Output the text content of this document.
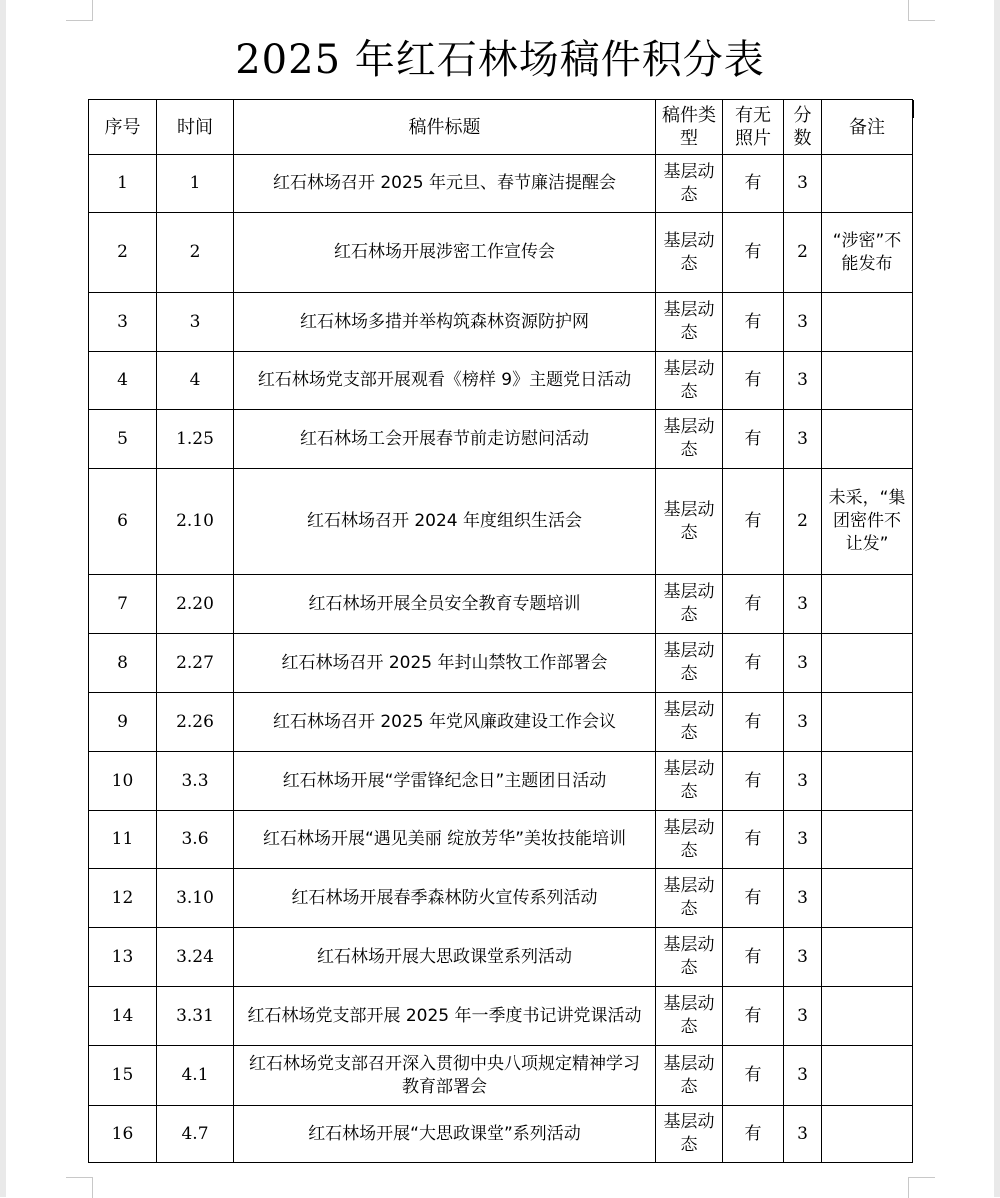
2025 年红石林场稿件积分表
序号	时间	稿件标题	稿件类型	有无照片	分数	备注
1	1	红石林场召开 2025 年元旦、春节廉洁提醒会	基层动态	有	3	
2	2	红石林场开展涉密工作宣传会	基层动态	有	2	“涉密”不能发布
3	3	红石林场多措并举构筑森林资源防护网	基层动态	有	3	
4	4	红石林场党支部开展观看《榜样 9》主题党日活动	基层动态	有	3	
5	1.25	红石林场工会开展春节前走访慰问活动	基层动态	有	3	
6	2.10	红石林场召开 2024 年度组织生活会	基层动态	有	2	未采，“集团密件不让发”
7	2.20	红石林场开展全员安全教育专题培训	基层动态	有	3	
8	2.27	红石林场召开 2025 年封山禁牧工作部署会	基层动态	有	3	
9	2.26	红石林场召开 2025 年党风廉政建设工作会议	基层动态	有	3	
10	3.3	红石林场开展“学雷锋纪念日”主题团日活动	基层动态	有	3	
11	3.6	红石林场开展“遇见美丽 绽放芳华”美妆技能培训	基层动态	有	3	
12	3.10	红石林场开展春季森林防火宣传系列活动	基层动态	有	3	
13	3.24	红石林场开展大思政课堂系列活动	基层动态	有	3	
14	3.31	红石林场党支部开展 2025 年一季度书记讲党课活动	基层动态	有	3	
15	4.1	红石林场党支部召开深入贯彻中央八项规定精神学习教育部署会	基层动态	有	3	
16	4.7	红石林场开展“大思政课堂”系列活动	基层动态	有	3	
